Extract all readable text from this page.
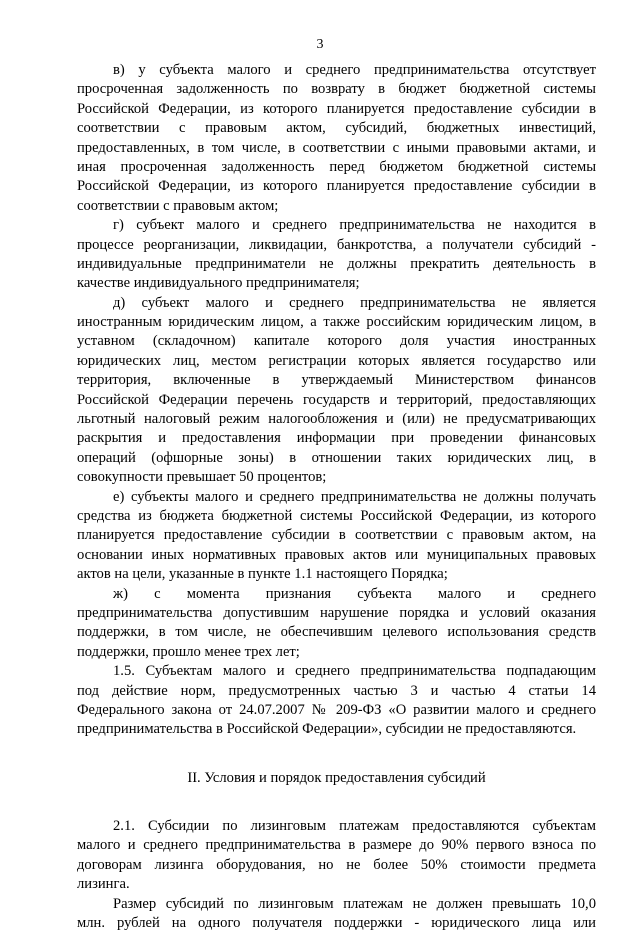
3
в) у субъекта малого и среднего предпринимательства отсутствует
просроченная задолженность по возврату в бюджет бюджетной системы
Российской Федерации, из которого планируется предоставление субсидии в
соответствии с правовым актом, субсидий, бюджетных инвестиций,
предоставленных, в том числе, в соответствии с иными правовыми актами, и
иная просроченная задолженность перед бюджетом бюджетной системы
Российской Федерации, из которого планируется предоставление субсидии в
соответствии с правовым актом;
г) субъект малого и среднего предпринимательства не находится в
процессе реорганизации, ликвидации, банкротства, а получатели субсидий -
индивидуальные предприниматели не должны прекратить деятельность в
качестве индивидуального предпринимателя;
д) субъект малого и среднего предпринимательства не является
иностранным юридическим лицом, а также российским юридическим лицом, в
уставном (складочном) капитале которого доля участия иностранных
юридических лиц, местом регистрации которых является государство или
территория, включенные в утверждаемый Министерством финансов
Российской Федерации перечень государств и территорий, предоставляющих
льготный налоговый режим налогообложения и (или) не предусматривающих
раскрытия и предоставления информации при проведении финансовых
операций (офшорные зоны) в отношении таких юридических лиц, в
совокупности превышает 50 процентов;
е) субъекты малого и среднего предпринимательства не должны получать
средства из бюджета бюджетной системы Российской Федерации, из которого
планируется предоставление субсидии в соответствии с правовым актом, на
основании иных нормативных правовых актов или муниципальных правовых
актов на цели, указанные в пункте 1.1 настоящего Порядка;
ж) с момента признания субъекта малого и среднего
предпринимательства допустившим нарушение порядка и условий оказания
поддержки, в том числе, не обеспечившим целевого использования средств
поддержки, прошло менее трех лет;
1.5. Субъектам малого и среднего предпринимательства подпадающим
под действие норм, предусмотренных частью 3 и частью 4 статьи 14
Федерального закона от 24.07.2007 № 209-ФЗ «О развитии малого и среднего
предпринимательства в Российской Федерации», субсидии не предоставляются.
II. Условия и порядок предоставления субсидий
2.1. Субсидии по лизинговым платежам предоставляются субъектам
малого и среднего предпринимательства в размере до 90% первого взноса по
договорам лизинга оборудования, но не более 50% стоимости предмета
лизинга.
Размер субсидий по лизинговым платежам не должен превышать 10,0
млн. рублей на одного получателя поддержки - юридического лица или
